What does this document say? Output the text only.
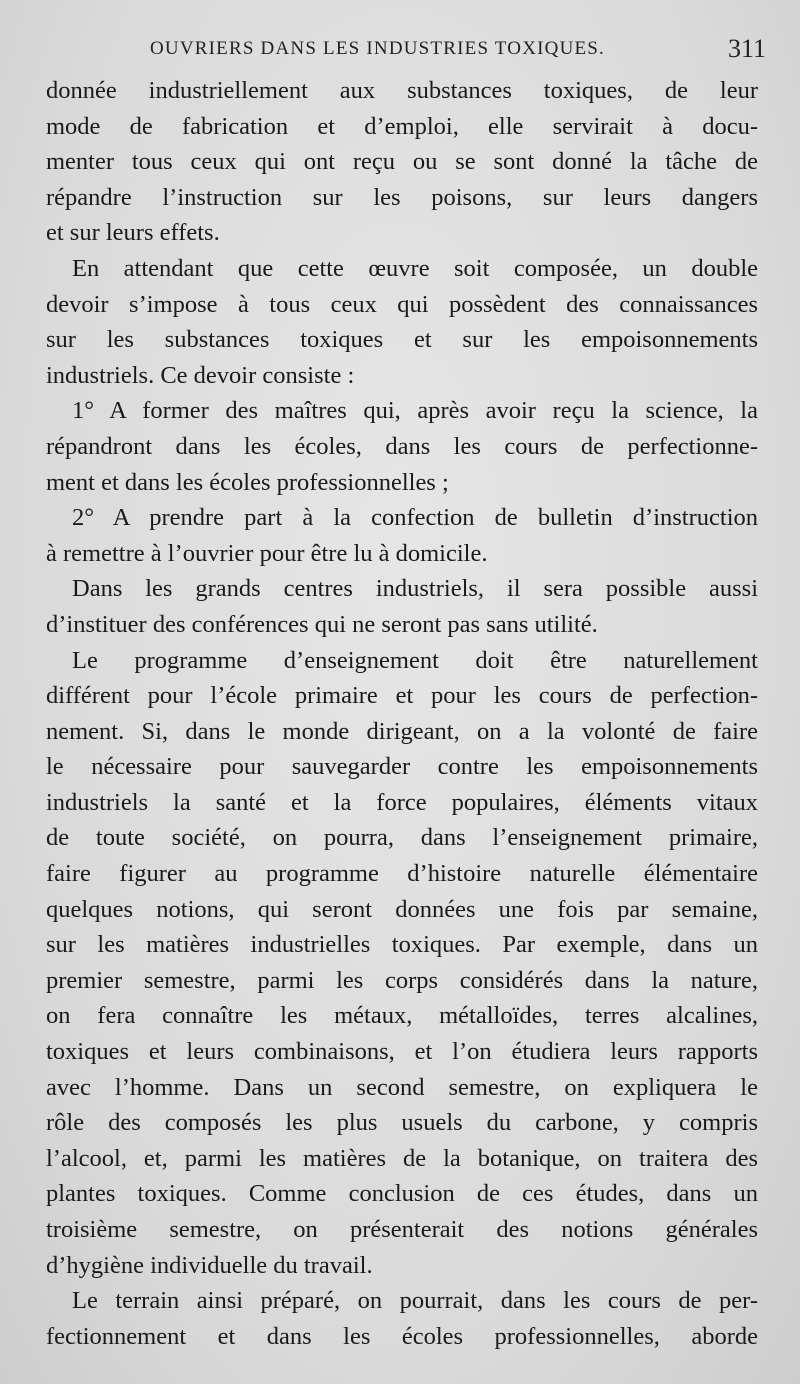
OUVRIERS DANS LES INDUSTRIES TOXIQUES.	311
donnée industriellement aux substances toxiques, de leur
mode de fabrication et d’emploi, elle servirait à docu-
menter tous ceux qui ont reçu ou se sont donné la tâche de
répandre l’instruction sur les poisons, sur leurs dangers
et sur leurs effets.
En attendant que cette œuvre soit composée, un double
devoir s’impose à tous ceux qui possèdent des connaissances
sur les substances toxiques et sur les empoisonnements
industriels. Ce devoir consiste :
1° A former des maîtres qui, après avoir reçu la science, la
répandront dans les écoles, dans les cours de perfectionne-
ment et dans les écoles professionnelles ;
2° A prendre part à la confection de bulletin d’instruction
à remettre à l’ouvrier pour être lu à domicile.
Dans les grands centres industriels, il sera possible aussi
d’instituer des conférences qui ne seront pas sans utilité.
Le programme d’enseignement doit être naturellement
différent pour l’école primaire et pour les cours de perfection-
nement. Si, dans le monde dirigeant, on a la volonté de faire
le nécessaire pour sauvegarder contre les empoisonnements
industriels la santé et la force populaires, éléments vitaux
de toute société, on pourra, dans l’enseignement primaire,
faire figurer au programme d’histoire naturelle élémentaire
quelques notions, qui seront données une fois par semaine,
sur les matières industrielles toxiques. Par exemple, dans un
premier semestre, parmi les corps considérés dans la nature,
on fera connaître les métaux, métalloïdes, terres alcalines,
toxiques et leurs combinaisons, et l’on étudiera leurs rapports
avec l’homme. Dans un second semestre, on expliquera le
rôle des composés les plus usuels du carbone, y compris
l’alcool, et, parmi les matières de la botanique, on traitera des
plantes toxiques. Comme conclusion de ces études, dans un
troisième semestre, on présenterait des notions générales
d’hygiène individuelle du travail.
Le terrain ainsi préparé, on pourrait, dans les cours de per-
fectionnement et dans les écoles professionnelles, aborde
